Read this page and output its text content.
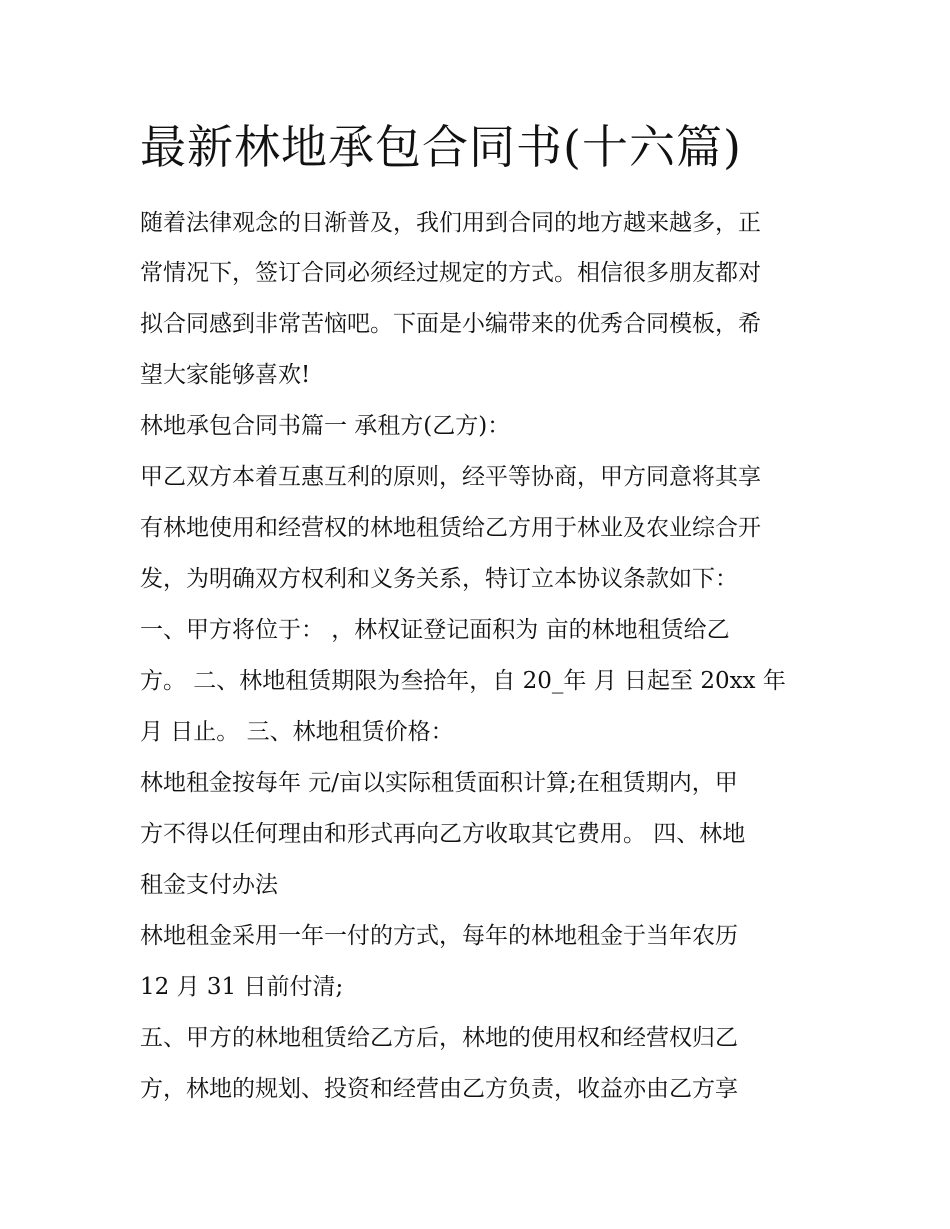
最新林地承包合同书(十六篇)

随着法律观念的日渐普及，我们用到合同的地方越来越多，正

常情况下，签订合同必须经过规定的方式。相信很多朋友都对

拟合同感到非常苦恼吧。下面是小编带来的优秀合同模板，希

望大家能够喜欢!

林地承包合同书篇一 承租方(乙方)：

甲乙双方本着互惠互利的原则，经平等协商，甲方同意将其享

有林地使用和经营权的林地租赁给乙方用于林业及农业综合开

发，为明确双方权利和义务关系，特订立本协议条款如下：

一、甲方将位于： ，林权证登记面积为 亩的林地租赁给乙

方。 二、林地租赁期限为叁拾年，自 20_年 月 日起至 20xx 年

月 日止。 三、林地租赁价格：

林地租金按每年 元/亩以实际租赁面积计算;在租赁期内，甲

方不得以任何理由和形式再向乙方收取其它费用。 四、林地

租金支付办法

林地租金采用一年一付的方式，每年的林地租金于当年农历

12 月 31 日前付清;

五、甲方的林地租赁给乙方后，林地的使用权和经营权归乙

方，林地的规划、投资和经营由乙方负责，收益亦由乙方享
